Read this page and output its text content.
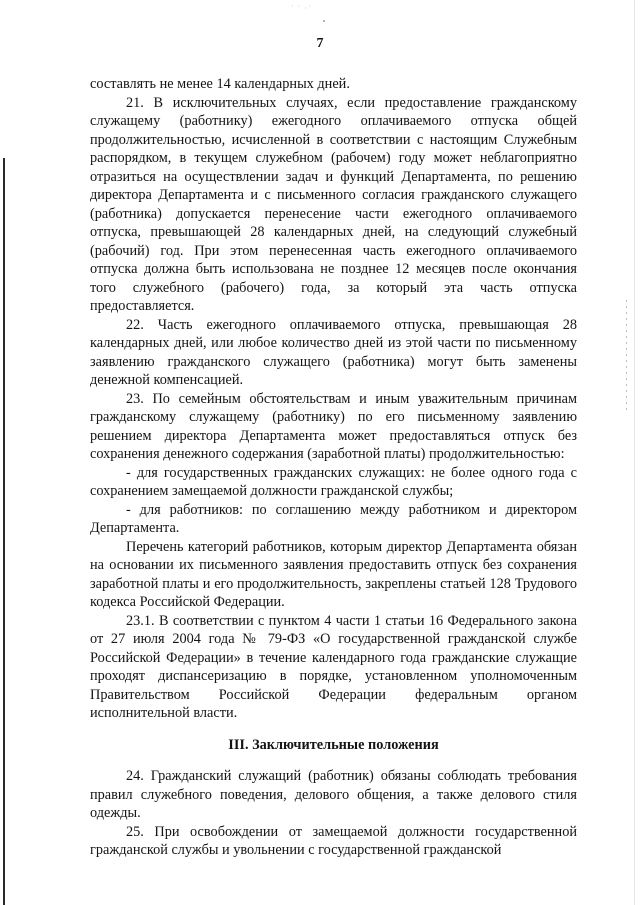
˙ ˙ ·˙
7

составлять не менее 14 календарных дней.

21. В исключительных случаях, если предоставление гражданскому служащему (работнику) ежегодного оплачиваемого отпуска общей продолжительностью, исчисленной в соответствии с настоящим Служебным распорядком, в текущем служебном (рабочем) году может неблагоприятно отразиться на осуществлении задач и функций Департамента, по решению директора Департамента и с письменного согласия гражданского служащего (работника) допускается перенесение части ежегодного оплачиваемого отпуска, превышающей 28 календарных дней, на следующий служебный (рабочий) год. При этом перенесенная часть ежегодного оплачиваемого отпуска должна быть использована не позднее 12 месяцев после окончания того служебного (рабочего) года, за который эта часть отпуска предоставляется.

22. Часть ежегодного оплачиваемого отпуска, превышающая 28 календарных дней, или любое количество дней из этой части по письменному заявлению гражданского служащего (работника) могут быть заменены денежной компенсацией.

23. По семейным обстоятельствам и иным уважительным причинам гражданскому служащему (работнику) по его письменному заявлению решением директора Департамента может предоставляться отпуск без сохранения денежного содержания (заработной платы) продолжительностью:

- для государственных гражданских служащих: не более одного года с сохранением замещаемой должности гражданской службы;

- для работников: по соглашению между работником и директором Департамента.

Перечень категорий работников, которым директор Департамента обязан на основании их письменного заявления предоставить отпуск без сохранения заработной платы и его продолжительность, закреплены статьей 128 Трудового кодекса Российской Федерации.

23.1. В соответствии с пунктом 4 части 1 статьи 16 Федерального закона от 27 июля 2004 года № 79-ФЗ «О государственной гражданской службе Российской Федерации» в течение календарного года гражданские служащие проходят диспансеризацию в порядке, установленном уполномоченным Правительством Российской Федерации федеральным органом исполнительной власти.

III. Заключительные положения

24. Гражданский служащий (работник) обязаны соблюдать требования правил служебного поведения, делового общения, а также делового стиля одежды.

25. При освобождении от замещаемой должности государственной гражданской службы и увольнении с государственной гражданской
